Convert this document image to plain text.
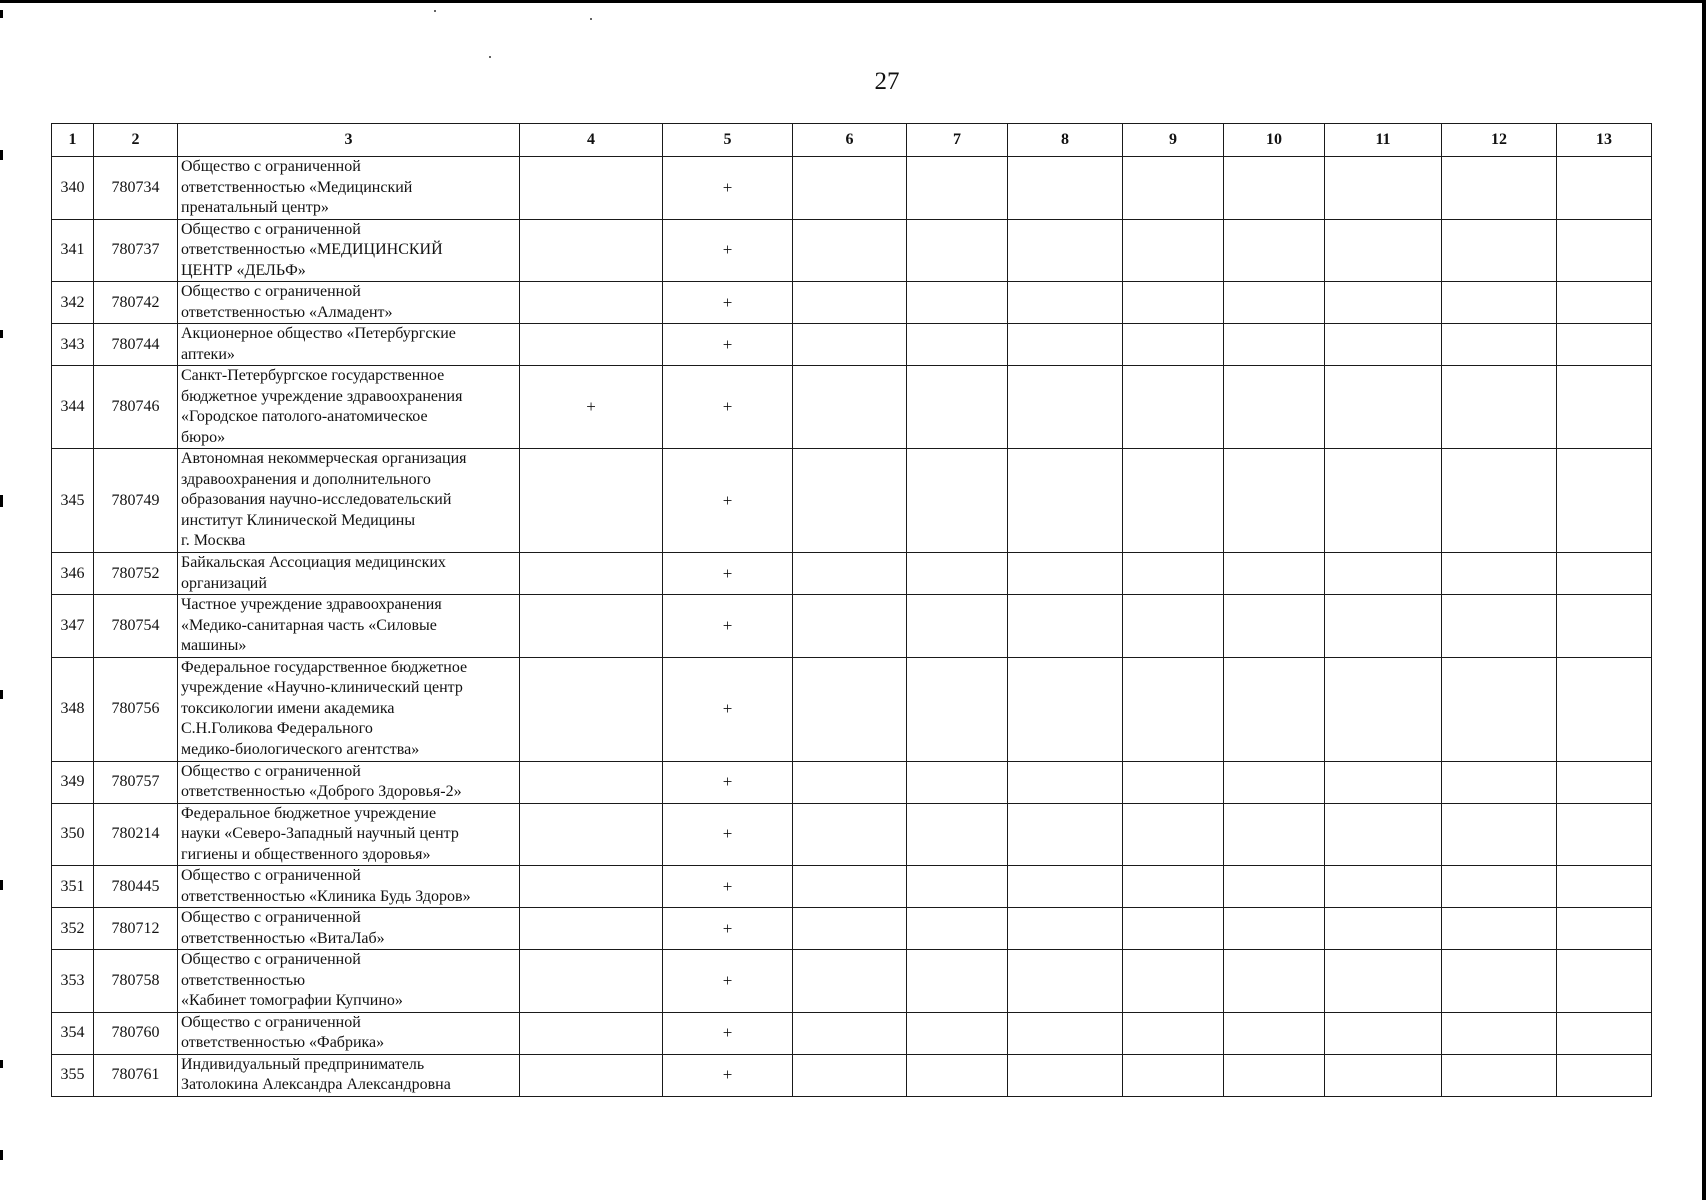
27
1	2	3	4	5	6	7	8	9	10	11	12	13
340	780734	Общество с ограниченной
ответственностью «Медицинский
пренатальный центр»		+								
341	780737	Общество с ограниченной
ответственностью «МЕДИЦИНСКИЙ
ЦЕНТР «ДЕЛЬФ»		+								
342	780742	Общество с ограниченной
ответственностью «Алмадент»		+								
343	780744	Акционерное общество «Петербургские
аптеки»		+								
344	780746	Санкт-Петербургское государственное
бюджетное учреждение здравоохранения
«Городское патолого-анатомическое
бюро»	+	+								
345	780749	Автономная некоммерческая организация
здравоохранения и дополнительного
образования научно-исследовательский
институт Клинической Медицины
г. Москва		+								
346	780752	Байкальская Ассоциация медицинских
организаций		+								
347	780754	Частное учреждение здравоохранения
«Медико-санитарная часть «Силовые
машины»		+								
348	780756	Федеральное государственное бюджетное
учреждение «Научно-клинический центр
токсикологии имени академика
С.Н.Голикова Федерального
медико-биологического агентства»		+								
349	780757	Общество с ограниченной
ответственностью «Доброго Здоровья-2»		+								
350	780214	Федеральное бюджетное учреждение
науки «Северо-Западный научный центр
гигиены и общественного здоровья»		+								
351	780445	Общество с ограниченной
ответственностью «Клиника Будь Здоров»		+								
352	780712	Общество с ограниченной
ответственностью «ВитаЛаб»		+								
353	780758	Общество с ограниченной
ответственностью
«Кабинет томографии Купчино»		+								
354	780760	Общество с ограниченной
ответственностью «Фабрика»		+								
355	780761	Индивидуальный предприниматель
Затолокина Александра Александровна		+								
